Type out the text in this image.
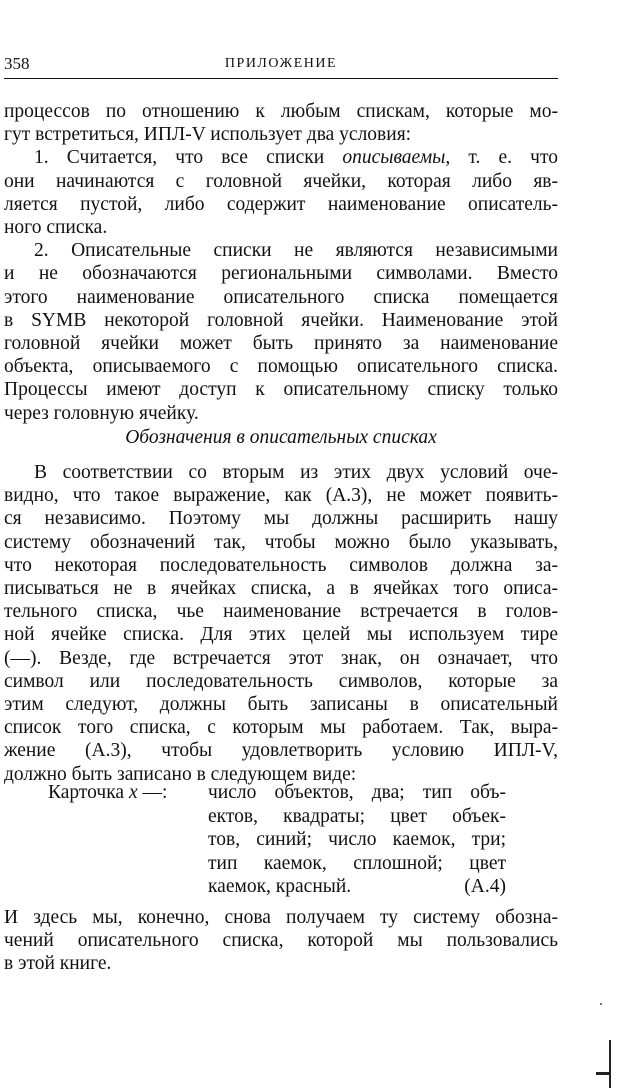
358	ПРИЛОЖЕНИЕ
процессов по отношению к любым спискам, которые мо-
гут встретиться, ИПЛ-V использует два условия:
1. Считается, что все списки описываемы, т. е. что
они начинаются с головной ячейки, которая либо яв-
ляется пустой, либо содержит наименование описатель-
ного списка.
2. Описательные списки не являются независимыми
и не обозначаются региональными символами. Вместо
этого наименование описательного списка помещается
в SYMB некоторой головной ячейки. Наименование этой
головной ячейки может быть принято за наименование
объекта, описываемого с помощью описательного списка.
Процессы имеют доступ к описательному списку только
через головную ячейку.
Обозначения в описательных списках
В соответствии со вторым из этих двух условий оче-
видно, что такое выражение, как (А.3), не может появить-
ся независимо. Поэтому мы должны расширить нашу
систему обозначений так, чтобы можно было указывать,
что некоторая последовательность символов должна за-
писываться не в ячейках списка, а в ячейках того описа-
тельного списка, чье наименование встречается в голов-
ной ячейке списка. Для этих целей мы используем тире
(—). Везде, где встречается этот знак, он означает, что
символ или последовательность символов, которые за
этим следуют, должны быть записаны в описательный
список того списка, с которым мы работаем. Так, выра-
жение (А.3), чтобы удовлетворить условию ИПЛ-V,
должно быть записано в следующем виде:
Карточка x —: число объектов, два; тип объ-
ектов, квадраты; цвет объек-
тов, синий; число каемок, три;
тип каемок, сплошной; цвет
каемок, красный.	(А.4)
И здесь мы, конечно, снова получаем ту систему обозна-
чений описательного списка, которой мы пользовались
в этой книге.
